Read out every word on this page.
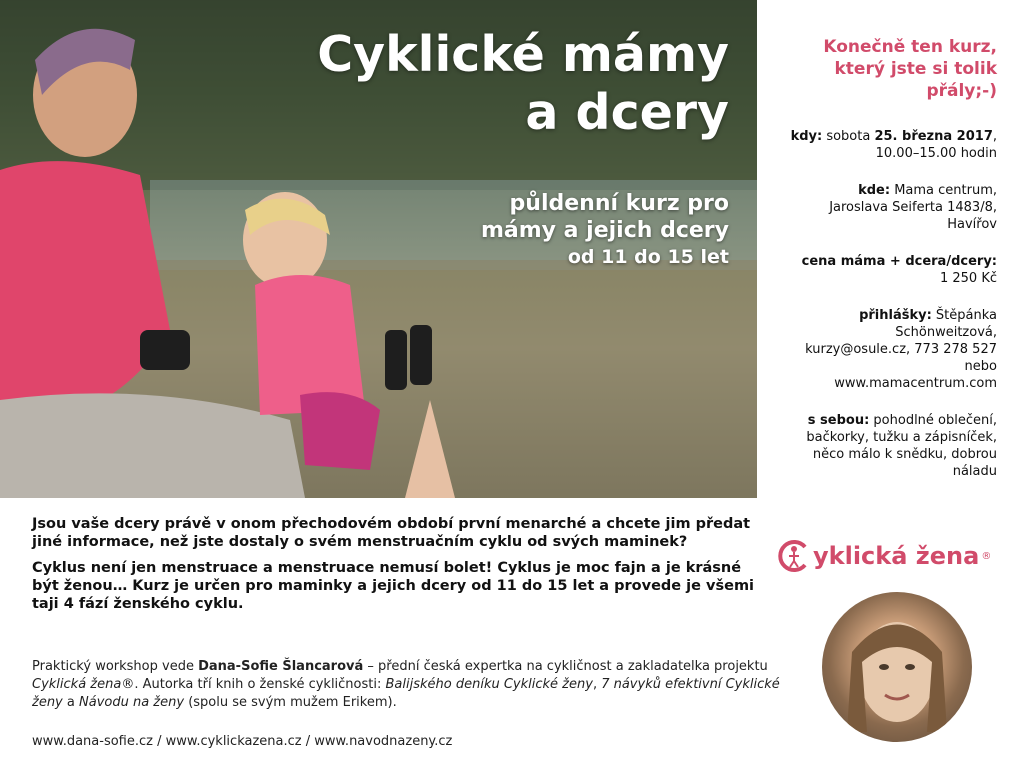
Cyklické mámy
a dcery
půldenní kurz pro
mámy a jejich dcery
od 11 do 15 let
Konečně ten kurz,
který jste si tolik
přály;-)
kdy: sobota 25. března 2017,
10.00–15.00 hodin
kde: Mama centrum,
Jaroslava Seiferta 1483/8,
Havířov
cena máma + dcera/dcery:
1 250 Kč
přihlášky: Štěpánka
Schönweitzová,
kurzy@osule.cz, 773 278 527
nebo
www.mamacentrum.com
s sebou: pohodlné oblečení,
bačkorky, tužku a zápisníček,
něco málo k snědku, dobrou
náladu
yklická žena ®

Jsou vaše dcery právě v onom přechodovém období první menarché a chcete jim předat jiné informace, než jste dostaly o svém menstruačním cyklu od svých maminek?

Cyklus není jen menstruace a menstruace nemusí bolet! Cyklus je moc fajn a je krásné být ženou… Kurz je určen pro maminky a jejich dcery od 11 do 15 let a provede je všemi taji 4 fází ženského cyklu.

Praktický workshop vede Dana-Sofie Šlancarová – přední česká expertka na cykličnost a zakladatelka projektu Cyklická žena®. Autorka tří knih o ženské cykličnosti: Balijského deníku Cyklické ženy, 7 návyků efektivní Cyklické ženy a Návodu na ženy (spolu se svým mužem Erikem).
www.dana-sofie.cz / www.cyklickazena.cz / www.navodnazeny.cz
